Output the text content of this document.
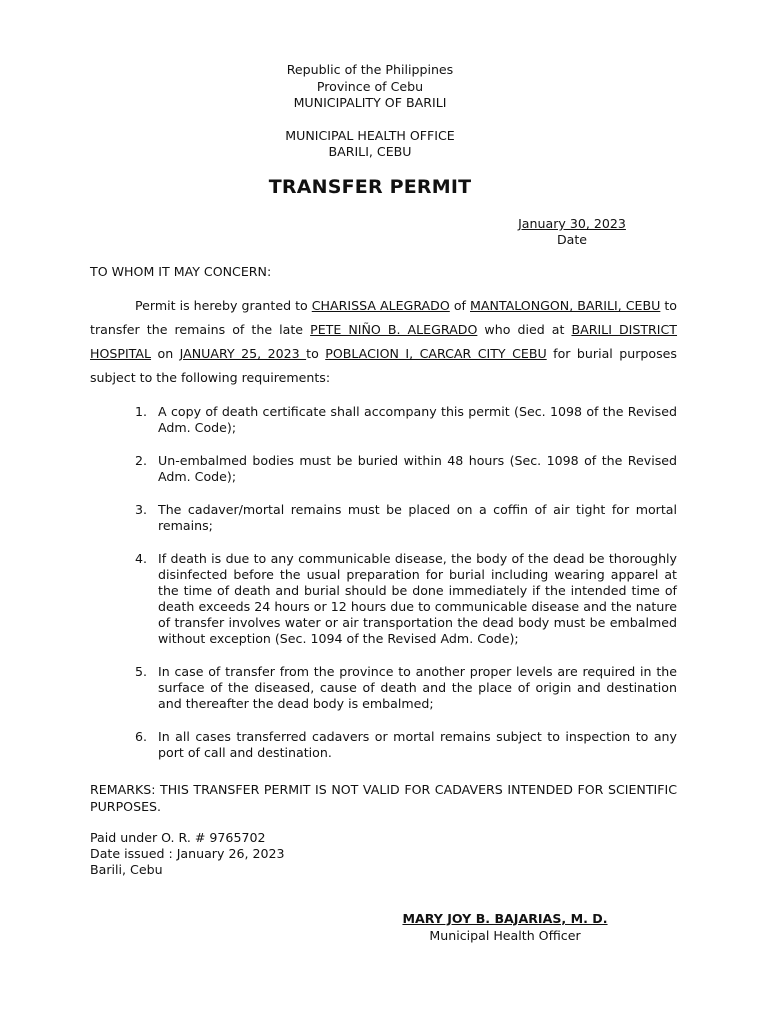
Republic of the Philippines
Province of Cebu
MUNICIPALITY OF BARILI
MUNICIPAL HEALTH OFFICE
BARILI, CEBU
TRANSFER PERMIT
January 30, 2023
Date
TO WHOM IT MAY CONCERN:
Permit is hereby granted to CHARISSA ALEGRADO of MANTALONGON, BARILI, CEBU to transfer the remains of the late PETE NIÑO B. ALEGRADO who died at BARILI DISTRICT HOSPITAL on JANUARY 25, 2023 to POBLACION I, CARCAR CITY CEBU for burial purposes subject to the following requirements:
1. A copy of death certificate shall accompany this permit (Sec. 1098 of the Revised Adm. Code);
2. Un-embalmed bodies must be buried within 48 hours (Sec. 1098 of the Revised Adm. Code);
3. The cadaver/mortal remains must be placed on a coffin of air tight for mortal remains;
4. If death is due to any communicable disease, the body of the dead be thoroughly disinfected before the usual preparation for burial including wearing apparel at the time of death and burial should be done immediately if the intended time of death exceeds 24 hours or 12 hours due to communicable disease and the nature of transfer involves water or air transportation the dead body must be embalmed without exception (Sec. 1094 of the Revised Adm. Code);
5. In case of transfer from the province to another proper levels are required in the surface of the diseased, cause of death and the place of origin and destination and thereafter the dead body is embalmed;
6. In all cases transferred cadavers or mortal remains subject to inspection to any port of call and destination.
REMARKS: THIS TRANSFER PERMIT IS NOT VALID FOR CADAVERS INTENDED FOR SCIENTIFIC PURPOSES.
Paid under O. R. # 9765702
Date issued : January 26, 2023
Barili, Cebu
MARY JOY B. BAJARIAS, M. D.
Municipal Health Officer
